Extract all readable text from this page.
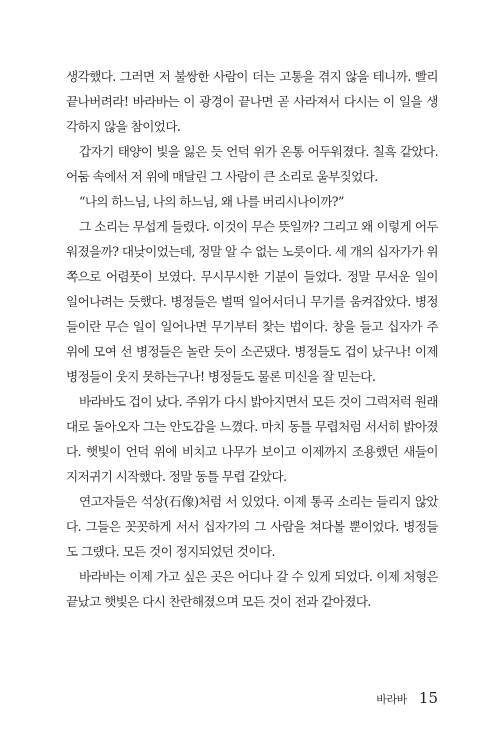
생각했다. 그러면 저 불쌍한 사람이 더는 고통을 겪지 않을 테니까. 빨리 끝나버려라! 바라바는 이 광경이 끝나면 곧 사라져서 다시는 이 일을 생각하지 않을 참이었다.

갑자기 태양이 빛을 잃은 듯 언덕 위가 온통 어두워졌다. 칠흑 같았다. 어둠 속에서 저 위에 매달린 그 사람이 큰 소리로 울부짖었다.

“나의 하느님, 나의 하느님, 왜 나를 버리시나이까?”

그 소리는 무섭게 들렸다. 이것이 무슨 뜻일까? 그리고 왜 이렇게 어두워졌을까? 대낮이었는데, 정말 알 수 없는 노릇이다. 세 개의 십자가가 위쪽으로 어렴풋이 보였다. 무시무시한 기분이 들었다. 정말 무서운 일이 일어나려는 듯했다. 병정들은 벌떡 일어서더니 무기를 움켜잡았다. 병정들이란 무슨 일이 일어나면 무기부터 찾는 법이다. 창을 들고 십자가 주위에 모여 선 병정들은 놀란 듯이 소곤댔다. 병정들도 겁이 났구나! 이제 병정들이 웃지 못하는구나! 병정들도 물론 미신을 잘 믿는다.

바라바도 겁이 났다. 주위가 다시 밝아지면서 모든 것이 그럭저럭 원래대로 돌아오자 그는 안도감을 느꼈다. 마치 동틀 무렵처럼 서서히 밝아졌다. 햇빛이 언덕 위에 비치고 나무가 보이고 이제까지 조용했던 새들이 지저귀기 시작했다. 정말 동틀 무렵 같았다.

연고자들은 석상(石像)처럼 서 있었다. 이제 통곡 소리는 들리지 않았다. 그들은 꼿꼿하게 서서 십자가의 그 사람을 쳐다볼 뿐이었다. 병정들도 그랬다. 모든 것이 정지되었던 것이다.

바라바는 이제 가고 싶은 곳은 어디나 갈 수 있게 되었다. 이제 처형은 끝났고 햇빛은 다시 찬란해졌으며 모든 것이 전과 같아졌다.

바라바 15
